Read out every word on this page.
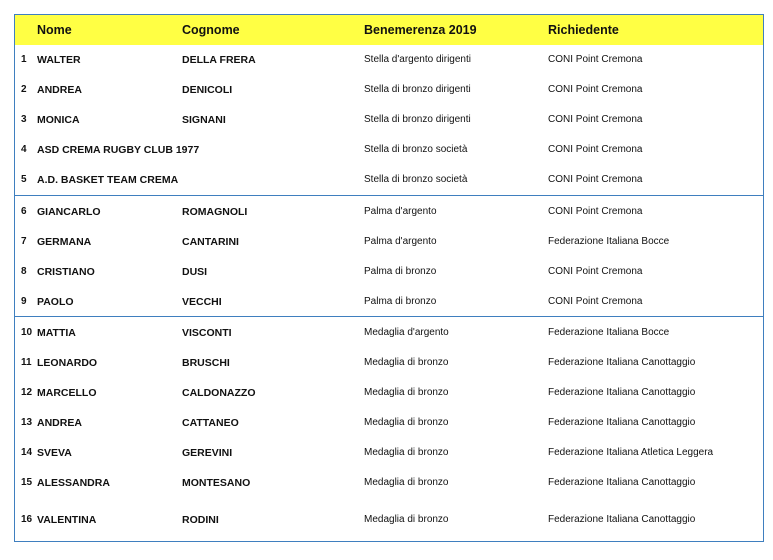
Nome	Cognome	Benemerenza 2019	Richiedente
1 WALTER	DELLA FRERA	Stella d'argento dirigenti	CONI Point Cremona
2 ANDREA	DENICOLI	Stella di bronzo dirigenti	CONI Point Cremona
3 MONICA	SIGNANI	Stella di bronzo dirigenti	CONI Point Cremona
4 ASD CREMA RUGBY CLUB 1977	Stella di bronzo società	CONI Point Cremona
5 A.D. BASKET TEAM CREMA	Stella di bronzo società	CONI Point Cremona
6 GIANCARLO	ROMAGNOLI	Palma d'argento	CONI Point Cremona
7 GERMANA	CANTARINI	Palma d'argento	Federazione Italiana Bocce
8 CRISTIANO	DUSI	Palma di bronzo	CONI Point Cremona
9 PAOLO	VECCHI	Palma di bronzo	CONI Point Cremona
10 MATTIA	VISCONTI	Medaglia d'argento	Federazione Italiana Bocce
11 LEONARDO	BRUSCHI	Medaglia di bronzo	Federazione Italiana Canottaggio
12 MARCELLO	CALDONAZZO	Medaglia di bronzo	Federazione Italiana Canottaggio
13 ANDREA	CATTANEO	Medaglia di bronzo	Federazione Italiana Canottaggio
14 SVEVA	GEREVINI	Medaglia di bronzo	Federazione Italiana Atletica Leggera
15 ALESSANDRA	MONTESANO	Medaglia di bronzo	Federazione Italiana Canottaggio
16 VALENTINA	RODINI	Medaglia di bronzo	Federazione Italiana Canottaggio
